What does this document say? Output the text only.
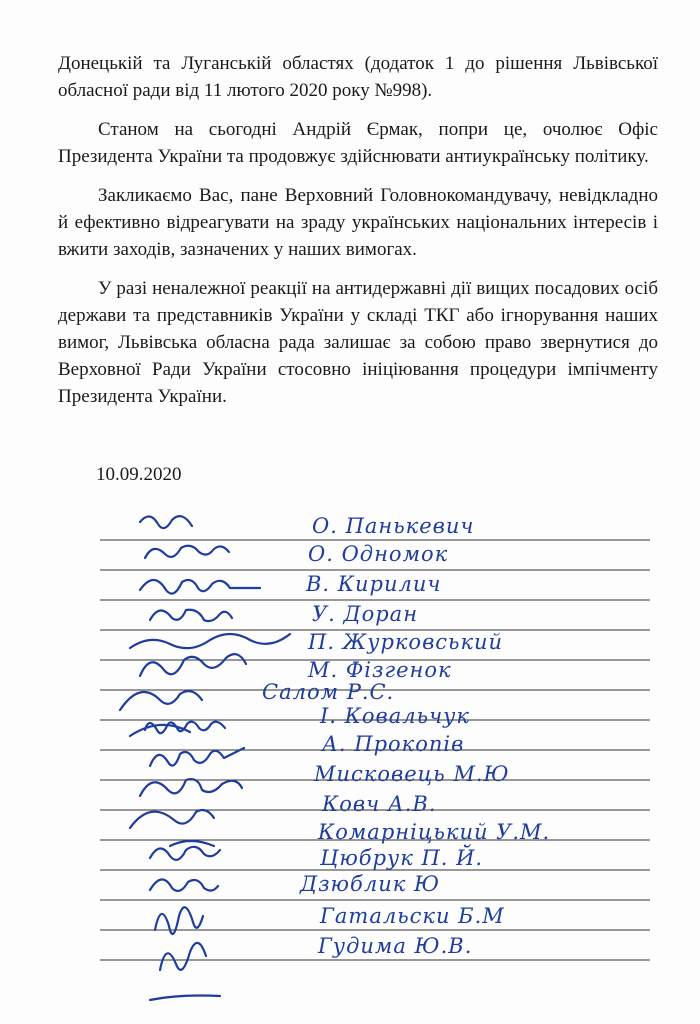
Донецькій та Луганській областях (додаток 1 до рішення Львівської обласної ради від 11 лютого 2020 року №998).

Станом на сьогодні Андрій Єрмак, попри це, очолює Офіс Президента України та продовжує здійснювати антиукраїнську політику.

Закликаємо Вас, пане Верховний Головнокомандувачу, невідкладно й ефективно відреагувати на зраду українських національних інтересів і вжити заходів, зазначених у наших вимогах.

У разі неналежної реакції на антидержавні дії вищих посадових осіб держави та представників України у складі ТКГ або ігнорування наших вимог, Львівська обласна рада залишає за собою право звернутися до Верховної Ради України стосовно ініціювання процедури імпічменту Президента України.

10.09.2020
О. Панькевич
О. Одномок
В. Кирилич
У. Доран
П. Журковський
М. Фізгенок
Салом Р.С.
І. Ковальчук
А. Прокопів
Мисковець М.Ю
Ковч А.В.
Комарніцький У.М.
Цюбрук П. Й.
Дзюблик Ю
Гатальски Б.М
Гудима Ю.В.
